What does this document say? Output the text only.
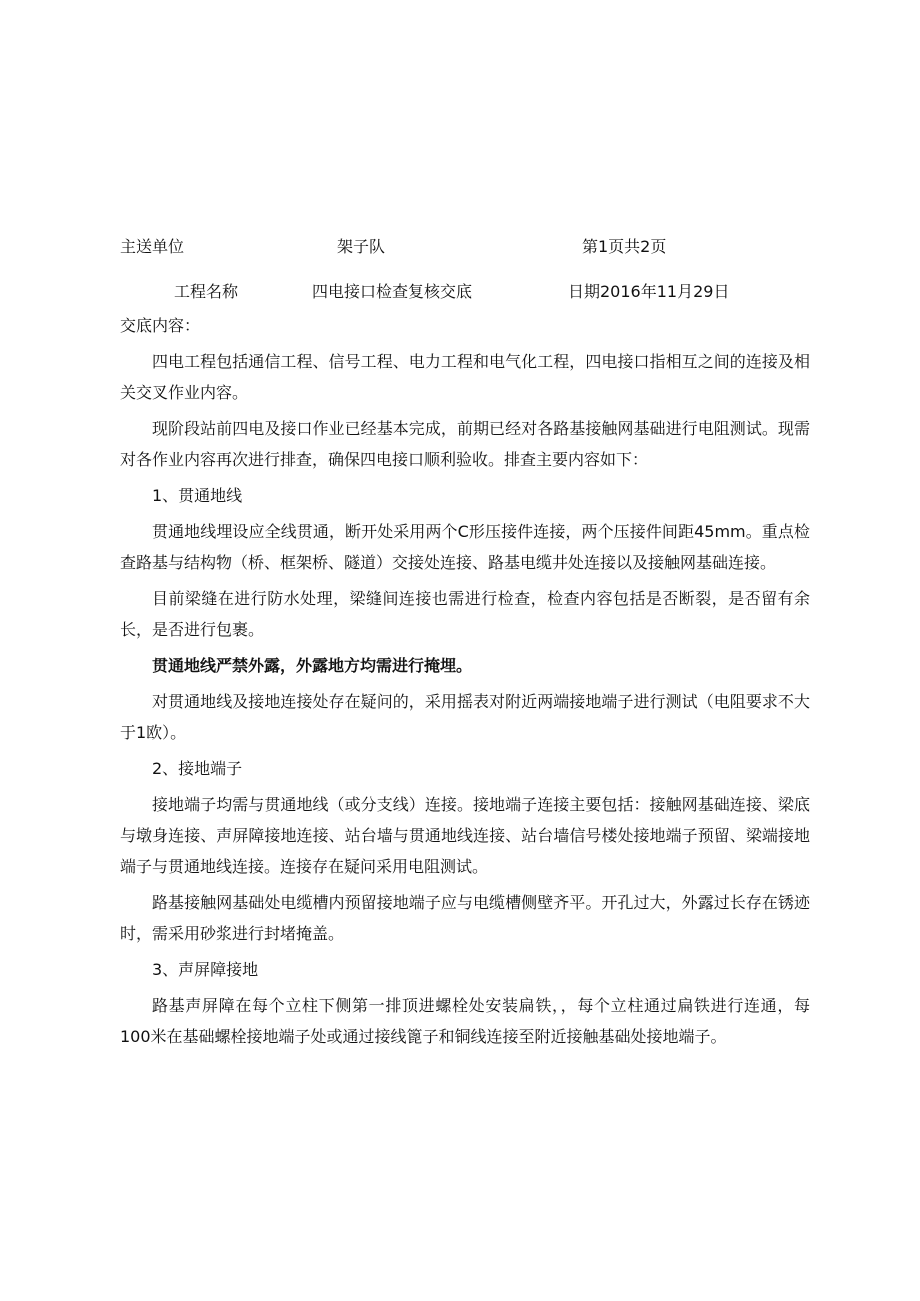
主送单位	架子队	第1页共2页
工程名称	四电接口检查复核交底	日期2016年11月29日

交底内容：

四电工程包括通信工程、信号工程、电力工程和电气化工程，四电接口指相互之间的连接及相关交叉作业内容。

现阶段站前四电及接口作业已经基本完成，前期已经对各路基接触网基础进行电阻测试。现需对各作业内容再次进行排查，确保四电接口顺利验收。排查主要内容如下：

1、贯通地线

贯通地线埋设应全线贯通，断开处采用两个C形压接件连接，两个压接件间距45mm。重点检查路基与结构物（桥、框架桥、隧道）交接处连接、路基电缆井处连接以及接触网基础连接。

目前梁缝在进行防水处理，梁缝间连接也需进行检查，检查内容包括是否断裂，是否留有余长，是否进行包裹。

贯通地线严禁外露，外露地方均需进行掩埋。

对贯通地线及接地连接处存在疑问的，采用摇表对附近两端接地端子进行测试（电阻要求不大于1欧）。

2、接地端子

接地端子均需与贯通地线（或分支线）连接。接地端子连接主要包括：接触网基础连接、梁底与墩身连接、声屏障接地连接、站台墙与贯通地线连接、站台墙信号楼处接地端子预留、梁端接地端子与贯通地线连接。连接存在疑问采用电阻测试。

路基接触网基础处电缆槽内预留接地端子应与电缆槽侧壁齐平。开孔过大，外露过长存在锈迹时，需采用砂浆进行封堵掩盖。

3、声屏障接地

路基声屏障在每个立柱下侧第一排顶进螺栓处安装扁铁，，每个立柱通过扁铁进行连通，每100米在基础螺栓接地端子处或通过接线篦子和铜线连接至附近接触基础处接地端子。
